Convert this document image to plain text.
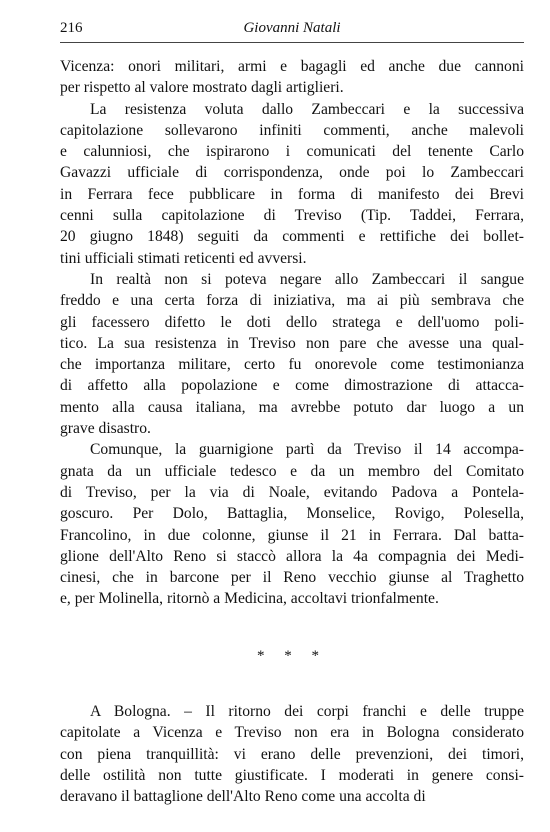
216	Giovanni Natali
Vicenza: onori militari, armi e bagagli ed anche due cannoni
per rispetto al valore mostrato dagli artiglieri.
La resistenza voluta dallo Zambeccari e la successiva
capitolazione sollevarono infiniti commenti, anche malevoli
e calunniosi, che ispirarono i comunicati del tenente Carlo
Gavazzi ufficiale di corrispondenza, onde poi lo Zambeccari
in Ferrara fece pubblicare in forma di manifesto dei Brevi
cenni sulla capitolazione di Treviso (Tip. Taddei, Ferrara,
20 giugno 1848) seguiti da commenti e rettifiche dei bollet-
tini ufficiali stimati reticenti ed avversi.
In realtà non si poteva negare allo Zambeccari il sangue
freddo e una certa forza di iniziativa, ma ai più sembrava che
gli facessero difetto le doti dello stratega e dell'uomo poli-
tico. La sua resistenza in Treviso non pare che avesse una qual-
che importanza militare, certo fu onorevole come testimonianza
di affetto alla popolazione e come dimostrazione di attacca-
mento alla causa italiana, ma avrebbe potuto dar luogo a un
grave disastro.
Comunque, la guarnigione partì da Treviso il 14 accompa-
gnata da un ufficiale tedesco e da un membro del Comitato
di Treviso, per la via di Noale, evitando Padova a Pontela-
goscuro. Per Dolo, Battaglia, Monselice, Rovigo, Polesella,
Francolino, in due colonne, giunse il 21 in Ferrara. Dal batta-
glione dell'Alto Reno si staccò allora la 4a compagnia dei Medi-
cinesi, che in barcone per il Reno vecchio giunse al Traghetto
e, per Molinella, ritornò a Medicina, accoltavi trionfalmente.
* * *
A Bologna. – Il ritorno dei corpi franchi e delle truppe
capitolate a Vicenza e Treviso non era in Bologna considerato
con piena tranquillità: vi erano delle prevenzioni, dei timori,
delle ostilità non tutte giustificate. I moderati in genere consi-
deravano il battaglione dell'Alto Reno come una accolta di
